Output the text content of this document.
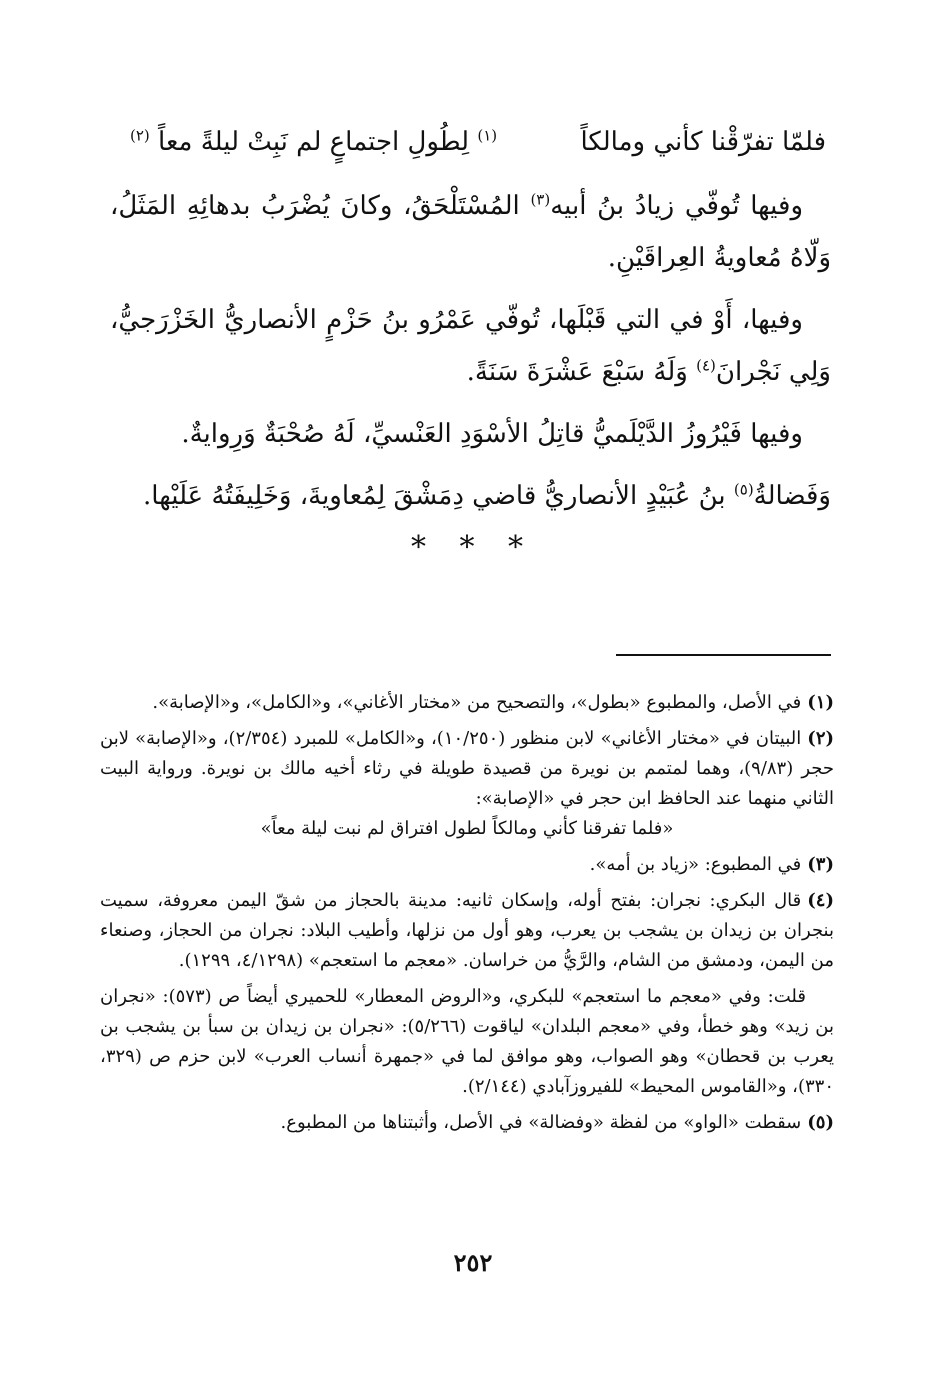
فلمّا تفرّقْنا كأني ومالكاً
$^{(١)}$ لِطُولِ اجتماعٍ لم نَبِتْ ليلةً معاً $^{(٢)}$

وفيها تُوفّي زيادُ بنُ أبيه$^{(٣)}$ المُسْتَلْحَقُ، وكانَ يُضْرَبُ بدهائِهِ المَثَلُ، وَلّاهُ مُعاويةُ العِراقَيْنِ.

وفيها، أَوْ في التي قَبْلَها، تُوفّي عَمْرُو بنُ حَزْمٍ الأنصاريُّ الخَزْرَجيُّ، وَلِي نَجْرانَ$^{(٤)}$ وَلَهُ سَبْعَ عَشْرَةَ سَنَةً.

وفيها فَيْرُوزُ الدَّيْلَميُّ قاتِلُ الأسْوَدِ العَنْسيِّ، لَهُ صُحْبَةٌ وَرِوايةٌ.

وَفَضالةُ$^{(٥)}$ بنُ عُبَيْدٍ الأنصاريُّ قاضي دِمَشْقَ لِمُعاويةَ، وَخَلِيفَتُهُ عَلَيْها.

* * *
(١)في الأصل، والمطبوع «بطول»، والتصحيح من «مختار الأغاني»، و«الكامل»، و«الإصابة».
(٢)البيتان في «مختار الأغاني» لابن منظور (١٠/٢٥٠)، و«الكامل» للمبرد (٢/٣٥٤)، و«الإصابة» لابن حجر (٩/٨٣)، وهما لمتمم بن نويرة من قصيدة طويلة في رثاء أخيه مالك بن نويرة. ورواية البيت الثاني منهما عند الحافظ ابن حجر في «الإصابة»:
«فلما تفرقنا كأني ومالكاً لطول افتراق لم نبت ليلة معاً»
(٣)في المطبوع: «زياد بن أمه».
(٤)قال البكري: نجران: بفتح أوله، وإسكان ثانيه: مدينة بالحجاز من شقّ اليمن معروفة، سميت بنجران بن زيدان بن يشجب بن يعرب، وهو أول من نزلها، وأطيب البلاد: نجران من الحجاز، وصنعاء من اليمن، ودمشق من الشام، والرَّيُّ من خراسان. «معجم ما استعجم» (٤/١٢٩٨، ١٢٩٩).
قلت: وفي «معجم ما استعجم» للبكري، و«الروض المعطار» للحميري أيضاً ص (٥٧٣): «نجران بن زيد» وهو خطأ، وفي «معجم البلدان» لياقوت (٥/٢٦٦): «نجران بن زيدان بن سبأ بن يشجب بن يعرب بن قحطان» وهو الصواب، وهو موافق لما في «جمهرة أنساب العرب» لابن حزم ص (٣٢٩، ٣٣٠)، و«القاموس المحيط» للفيروزآبادي (٢/١٤٤).
(٥)سقطت «الواو» من لفظة «وفضالة» في الأصل، وأثبتناها من المطبوع.
٢٥٢
